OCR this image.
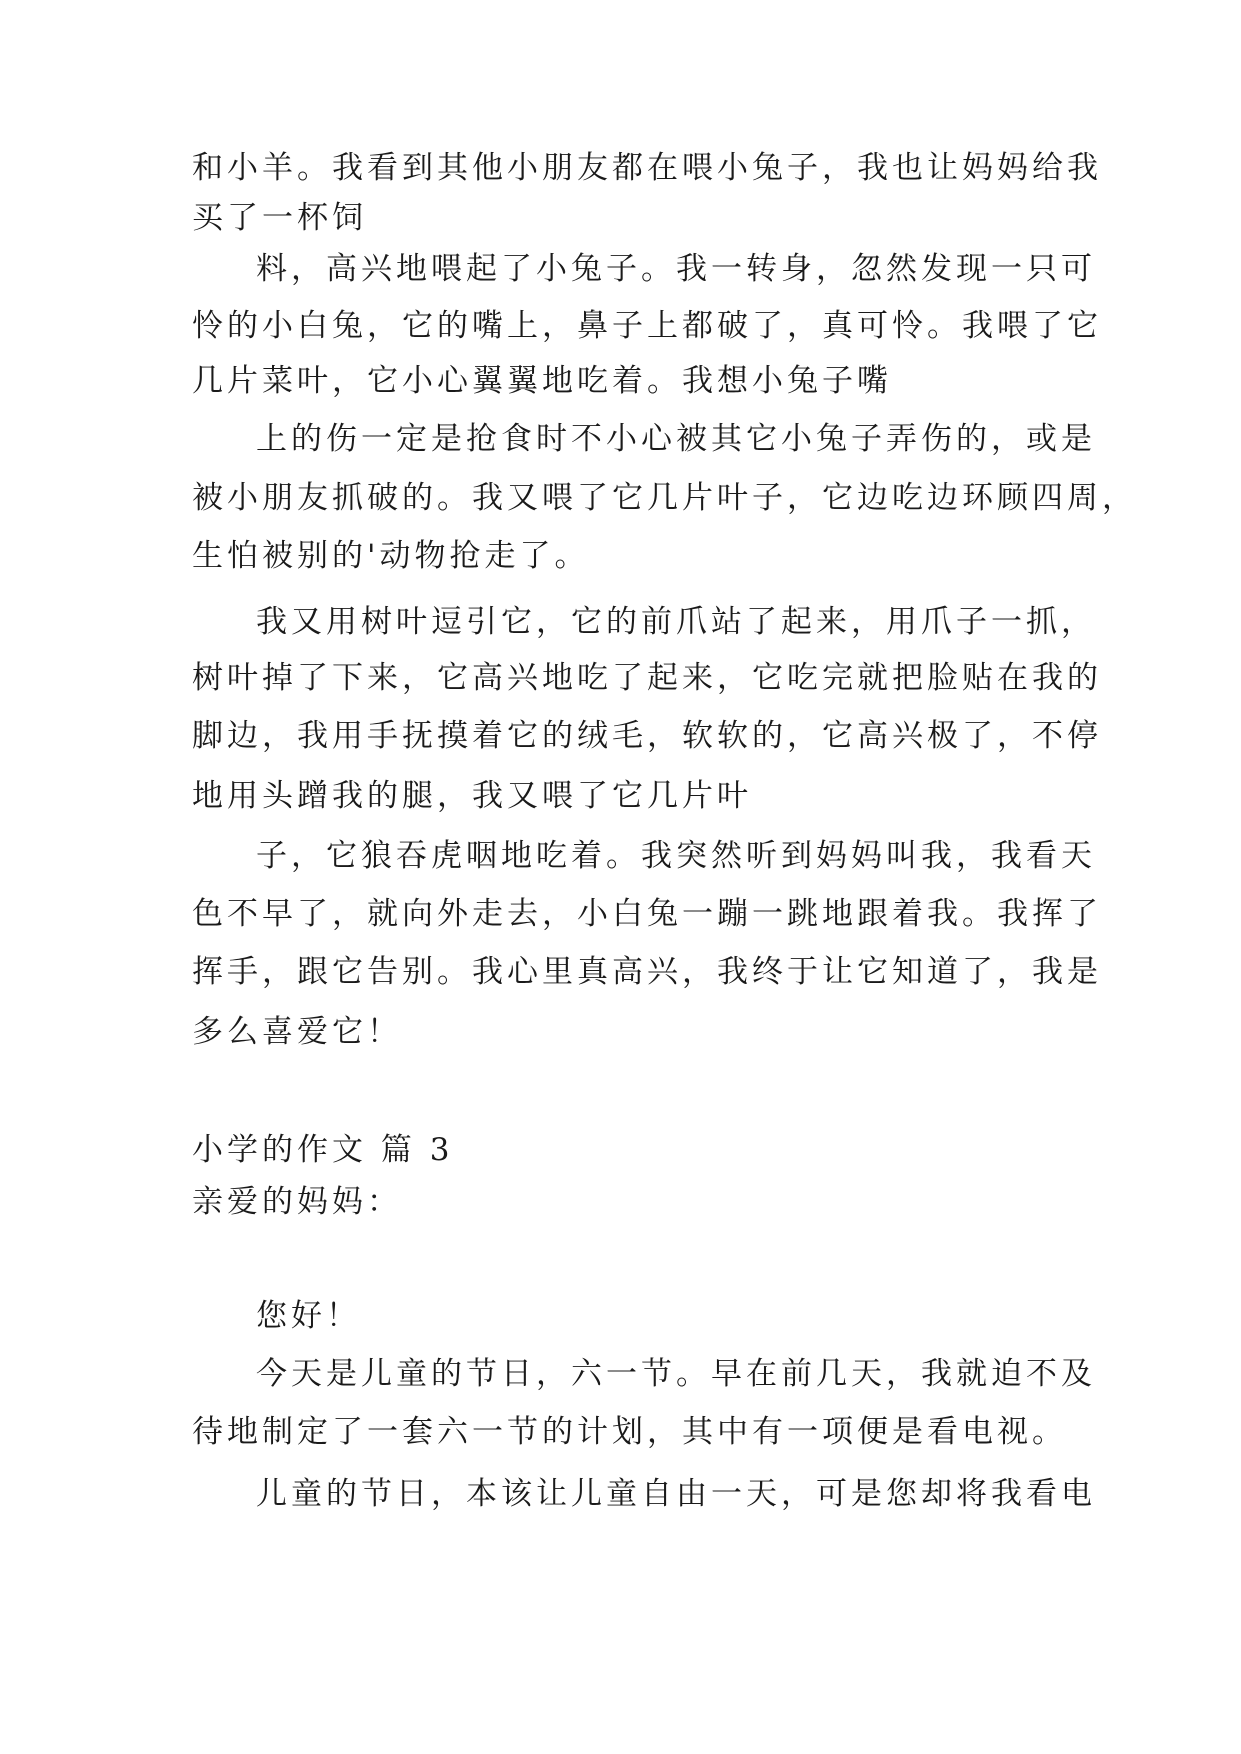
和小羊。我看到其他小朋友都在喂小兔子，我也让妈妈给我
买了一杯饲
料，高兴地喂起了小兔子。我一转身，忽然发现一只可
怜的小白兔，它的嘴上，鼻子上都破了，真可怜。我喂了它
几片菜叶，它小心翼翼地吃着。我想小兔子嘴
上的伤一定是抢食时不小心被其它小兔子弄伤的，或是
被小朋友抓破的。我又喂了它几片叶子，它边吃边环顾四周，
生怕被别的'动物抢走了。
我又用树叶逗引它，它的前爪站了起来，用爪子一抓，
树叶掉了下来，它高兴地吃了起来，它吃完就把脸贴在我的
脚边，我用手抚摸着它的绒毛，软软的，它高兴极了，不停
地用头蹭我的腿，我又喂了它几片叶
子，它狼吞虎咽地吃着。我突然听到妈妈叫我，我看天
色不早了，就向外走去，小白兔一蹦一跳地跟着我。我挥了
挥手，跟它告别。我心里真高兴，我终于让它知道了，我是
多么喜爱它！
小学的作文 篇 3
亲爱的妈妈：
您好！
今天是儿童的节日，六一节。早在前几天，我就迫不及
待地制定了一套六一节的计划，其中有一项便是看电视。
儿童的节日，本该让儿童自由一天，可是您却将我看电
